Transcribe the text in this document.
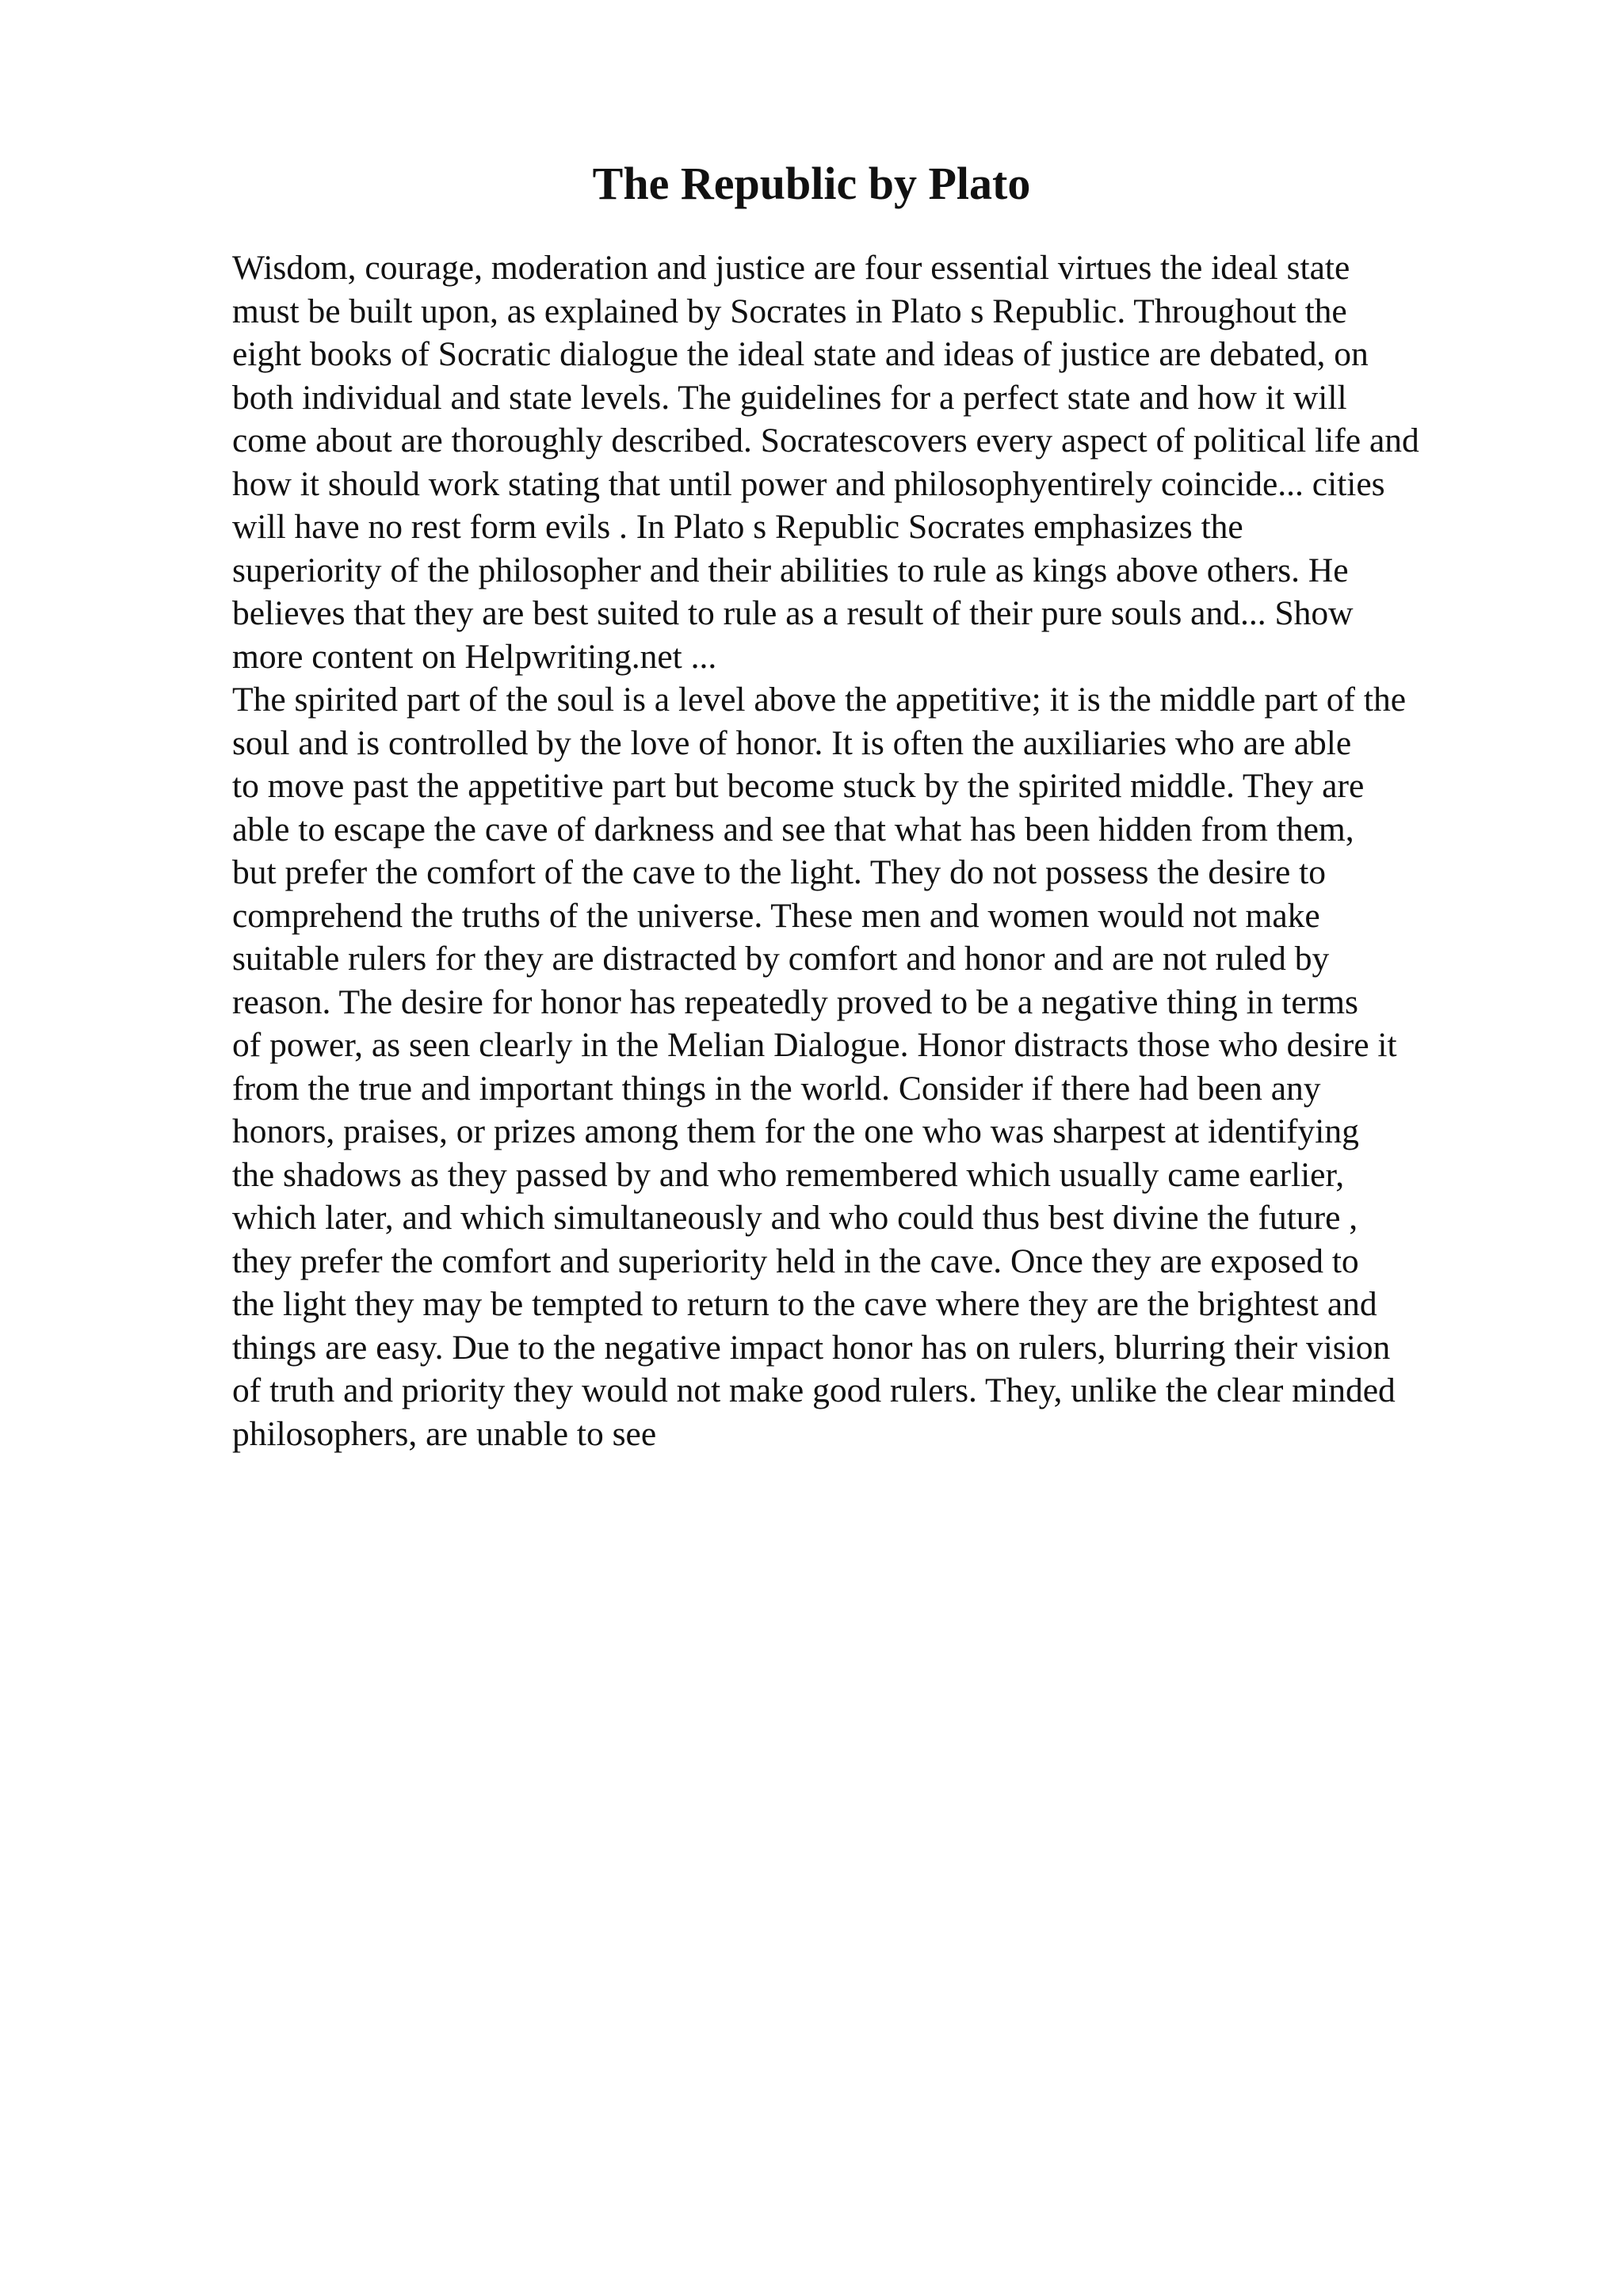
The Republic by Plato

Wisdom, courage, moderation and justice are four essential virtues the ideal state
must be built upon, as explained by Socrates in Plato s Republic. Throughout the
eight books of Socratic dialogue the ideal state and ideas of justice are debated, on
both individual and state levels. The guidelines for a perfect state and how it will
come about are thoroughly described. Socratescovers every aspect of political life and
how it should work stating that until power and philosophyentirely coincide... cities
will have no rest form evils . In Plato s Republic Socrates emphasizes the
superiority of the philosopher and their abilities to rule as kings above others. He
believes that they are best suited to rule as a result of their pure souls and... Show
more content on Helpwriting.net ...

The spirited part of the soul is a level above the appetitive; it is the middle part of the
soul and is controlled by the love of honor. It is often the auxiliaries who are able
to move past the appetitive part but become stuck by the spirited middle. They are
able to escape the cave of darkness and see that what has been hidden from them,
but prefer the comfort of the cave to the light. They do not possess the desire to
comprehend the truths of the universe. These men and women would not make
suitable rulers for they are distracted by comfort and honor and are not ruled by
reason. The desire for honor has repeatedly proved to be a negative thing in terms
of power, as seen clearly in the Melian Dialogue. Honor distracts those who desire it
from the true and important things in the world. Consider if there had been any
honors, praises, or prizes among them for the one who was sharpest at identifying
the shadows as they passed by and who remembered which usually came earlier,
which later, and which simultaneously and who could thus best divine the future ,
they prefer the comfort and superiority held in the cave. Once they are exposed to
the light they may be tempted to return to the cave where they are the brightest and
things are easy. Due to the negative impact honor has on rulers, blurring their vision
of truth and priority they would not make good rulers. They, unlike the clear minded
philosophers, are unable to see
